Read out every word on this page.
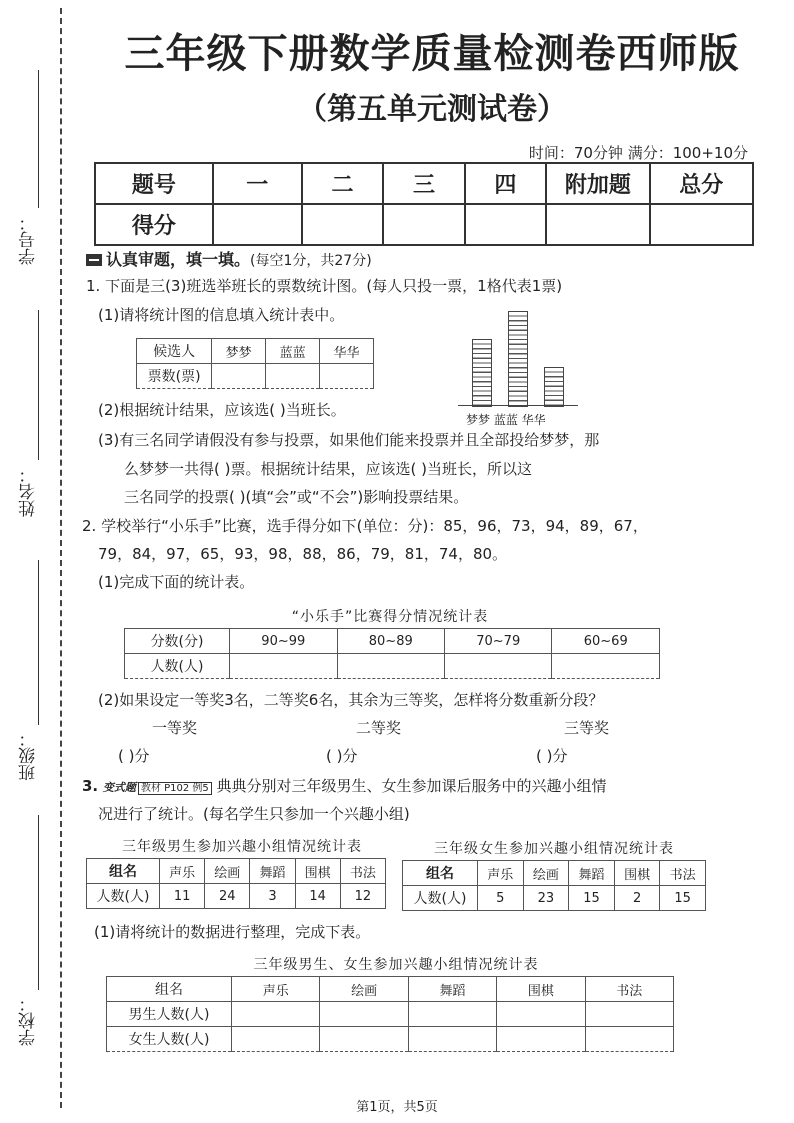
学号：
姓名：
班级：
学校：
三年级下册数学质量检测卷西师版
（第五单元测试卷）
时间：70分钟 满分：100+10分
题号	一	二	三	四	附加题	总分
得分						
认真审题，填一填。(每空1分，共27分)
1. 下面是三(3)班选举班长的票数统计图。(每人只投一票，1格代表1票)
(1)请将统计图的信息填入统计表中。
候选人	梦梦	蓝蓝	华华
票数(票)			
梦梦 蓝蓝 华华
(2)根据统计结果，应该选( )当班长。
(3)有三名同学请假没有参与投票，如果他们能来投票并且全部投给梦梦，那
么梦梦一共得( )票。根据统计结果，应该选( )当班长，所以这
三名同学的投票( )(填“会”或“不会”)影响投票结果。
2. 学校举行“小乐手”比赛，选手得分如下(单位：分)：85，96，73，94，89，67，
79，84，97，65，93，98，88，86，79，81，74，80。
(1)完成下面的统计表。
“小乐手”比赛得分情况统计表
分数(分)	90~99	80~89	70~79	60~69
人数(人)				
(2)如果设定一等奖3名，二等奖6名，其余为三等奖，怎样将分数重新分段？
一等奖	二等奖	三等奖
( )分	( )分	( )分
3. 变式题 教材 P102 例5 典典分别对三年级男生、女生参加课后服务中的兴趣小组情
况进行了统计。(每名学生只参加一个兴趣小组)
三年级男生参加兴趣小组情况统计表	三年级女生参加兴趣小组情况统计表
组名	声乐	绘画	舞蹈	围棋	书法
人数(人)	11	24	3	14	12
组名	声乐	绘画	舞蹈	围棋	书法
人数(人)	5	23	15	2	15
(1)请将统计的数据进行整理，完成下表。
三年级男生、女生参加兴趣小组情况统计表
组名	声乐	绘画	舞蹈	围棋	书法
男生人数(人)					
女生人数(人)					
第1页，共5页
